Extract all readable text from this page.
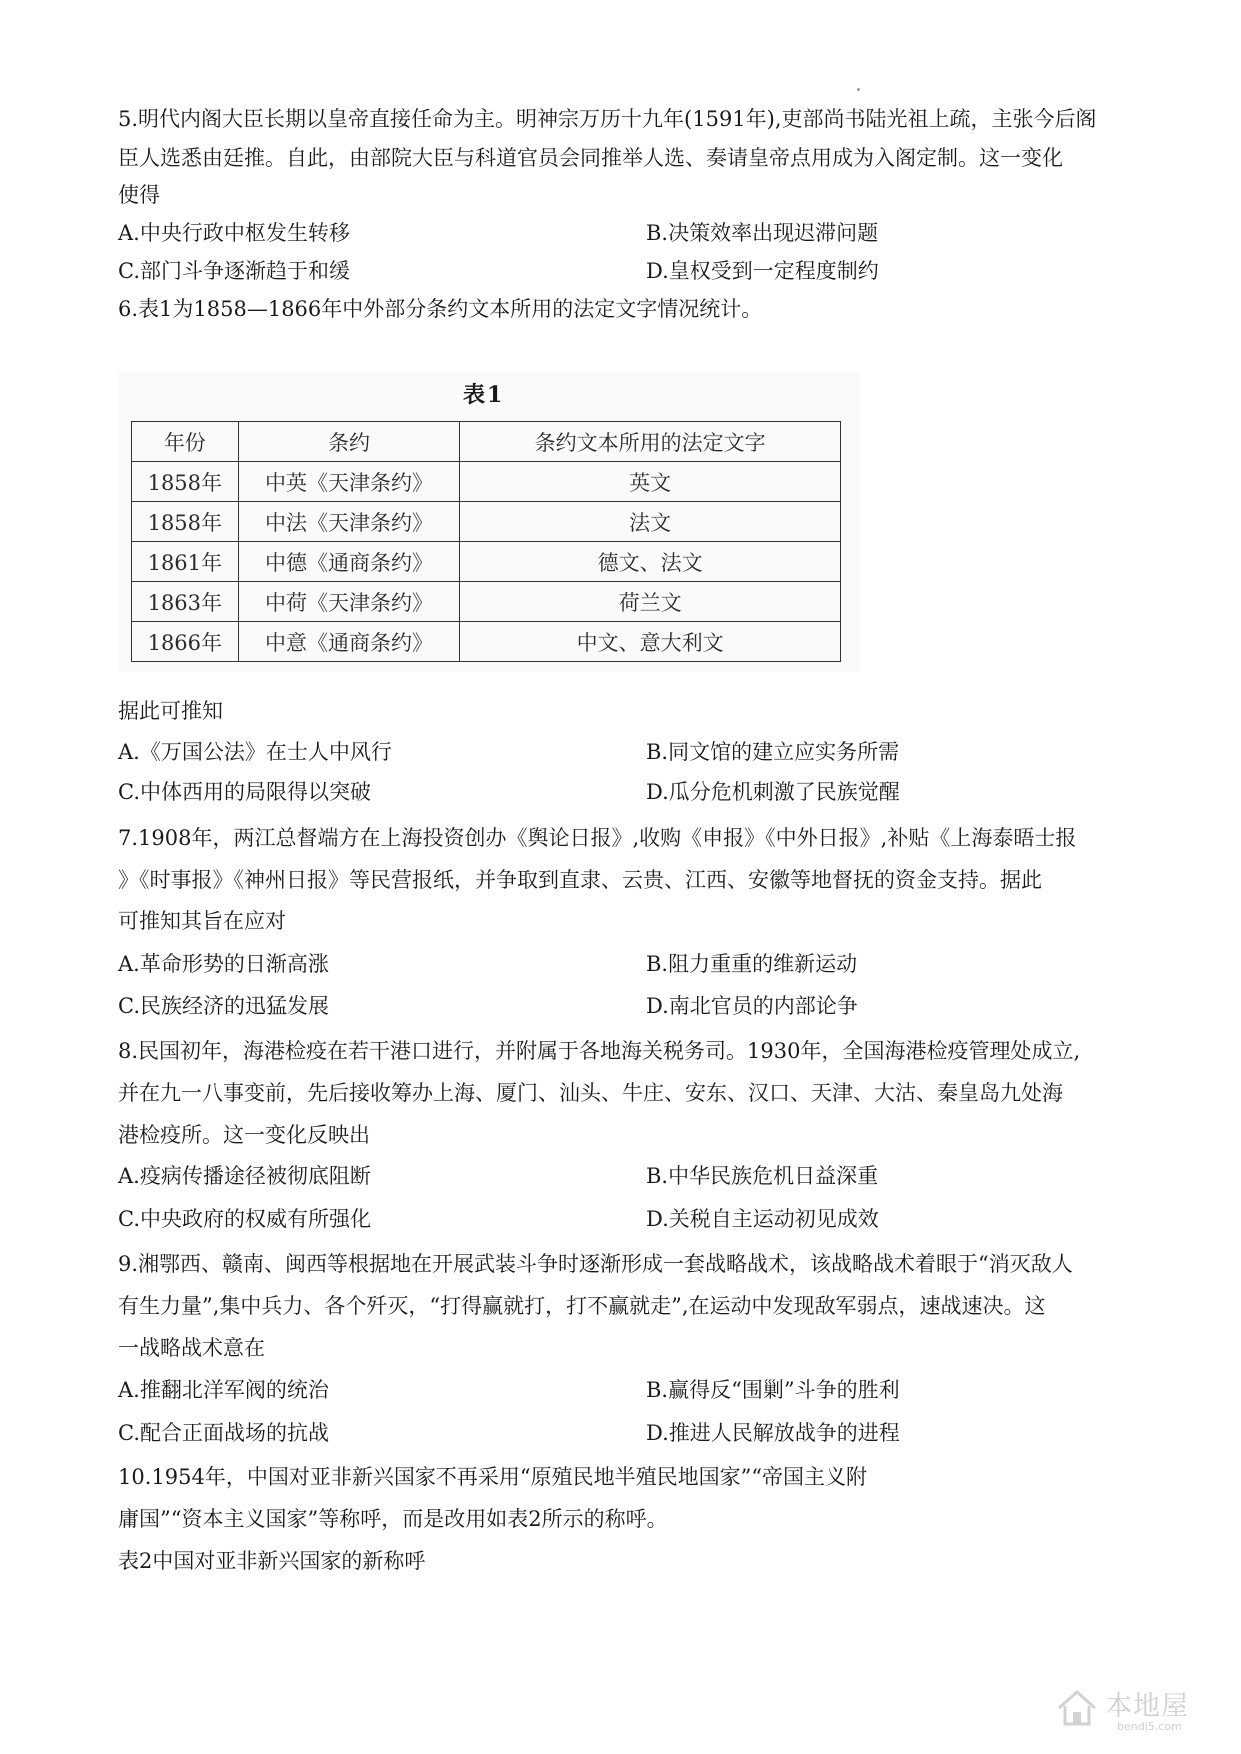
5.明代内阁大臣长期以皇帝直接任命为主。明神宗万历十九年(1591年),吏部尚书陆光祖上疏，主张今后阁
臣人选悉由廷推。自此，由部院大臣与科道官员会同推举人选、奏请皇帝点用成为入阁定制。这一变化
使得
A.中央行政中枢发生转移	B.决策效率出现迟滞问题
C.部门斗争逐渐趋于和缓	D.皇权受到一定程度制约
6.表1为1858—1866年中外部分条约文本所用的法定文字情况统计。
表1
年份	条约	条约文本所用的法定文字
1858年	中英《天津条约》	英文
1858年	中法《天津条约》	法文
1861年	中德《通商条约》	德文、法文
1863年	中荷《天津条约》	荷兰文
1866年	中意《通商条约》	中文、意大利文
据此可推知
A.《万国公法》在士人中风行	B.同文馆的建立应实务所需
C.中体西用的局限得以突破	D.瓜分危机刺激了民族觉醒
7.1908年，两江总督端方在上海投资创办《舆论日报》,收购《申报》《中外日报》,补贴《上海泰晤士报
》《时事报》《神州日报》等民营报纸，并争取到直隶、云贵、江西、安徽等地督抚的资金支持。据此
可推知其旨在应对
A.革命形势的日渐高涨	B.阻力重重的维新运动
C.民族经济的迅猛发展	D.南北官员的内部论争
8.民国初年，海港检疫在若干港口进行，并附属于各地海关税务司。1930年，全国海港检疫管理处成立,
并在九一八事变前，先后接收筹办上海、厦门、汕头、牛庄、安东、汉口、天津、大沽、秦皇岛九处海
港检疫所。这一变化反映出
A.疫病传播途径被彻底阻断	B.中华民族危机日益深重
C.中央政府的权威有所强化	D.关税自主运动初见成效
9.湘鄂西、赣南、闽西等根据地在开展武装斗争时逐渐形成一套战略战术，该战略战术着眼于“消灭敌人
有生力量”,集中兵力、各个歼灭，“打得赢就打，打不赢就走”,在运动中发现敌军弱点，速战速决。这
一战略战术意在
A.推翻北洋军阀的统治	B.赢得反“围剿”斗争的胜利
C.配合正面战场的抗战	D.推进人民解放战争的进程
10.1954年，中国对亚非新兴国家不再采用“原殖民地半殖民地国家”“帝国主义附
庸国”“资本主义国家”等称呼，而是改用如表2所示的称呼。
表2中国对亚非新兴国家的新称呼
本地屋
bendi5.com
